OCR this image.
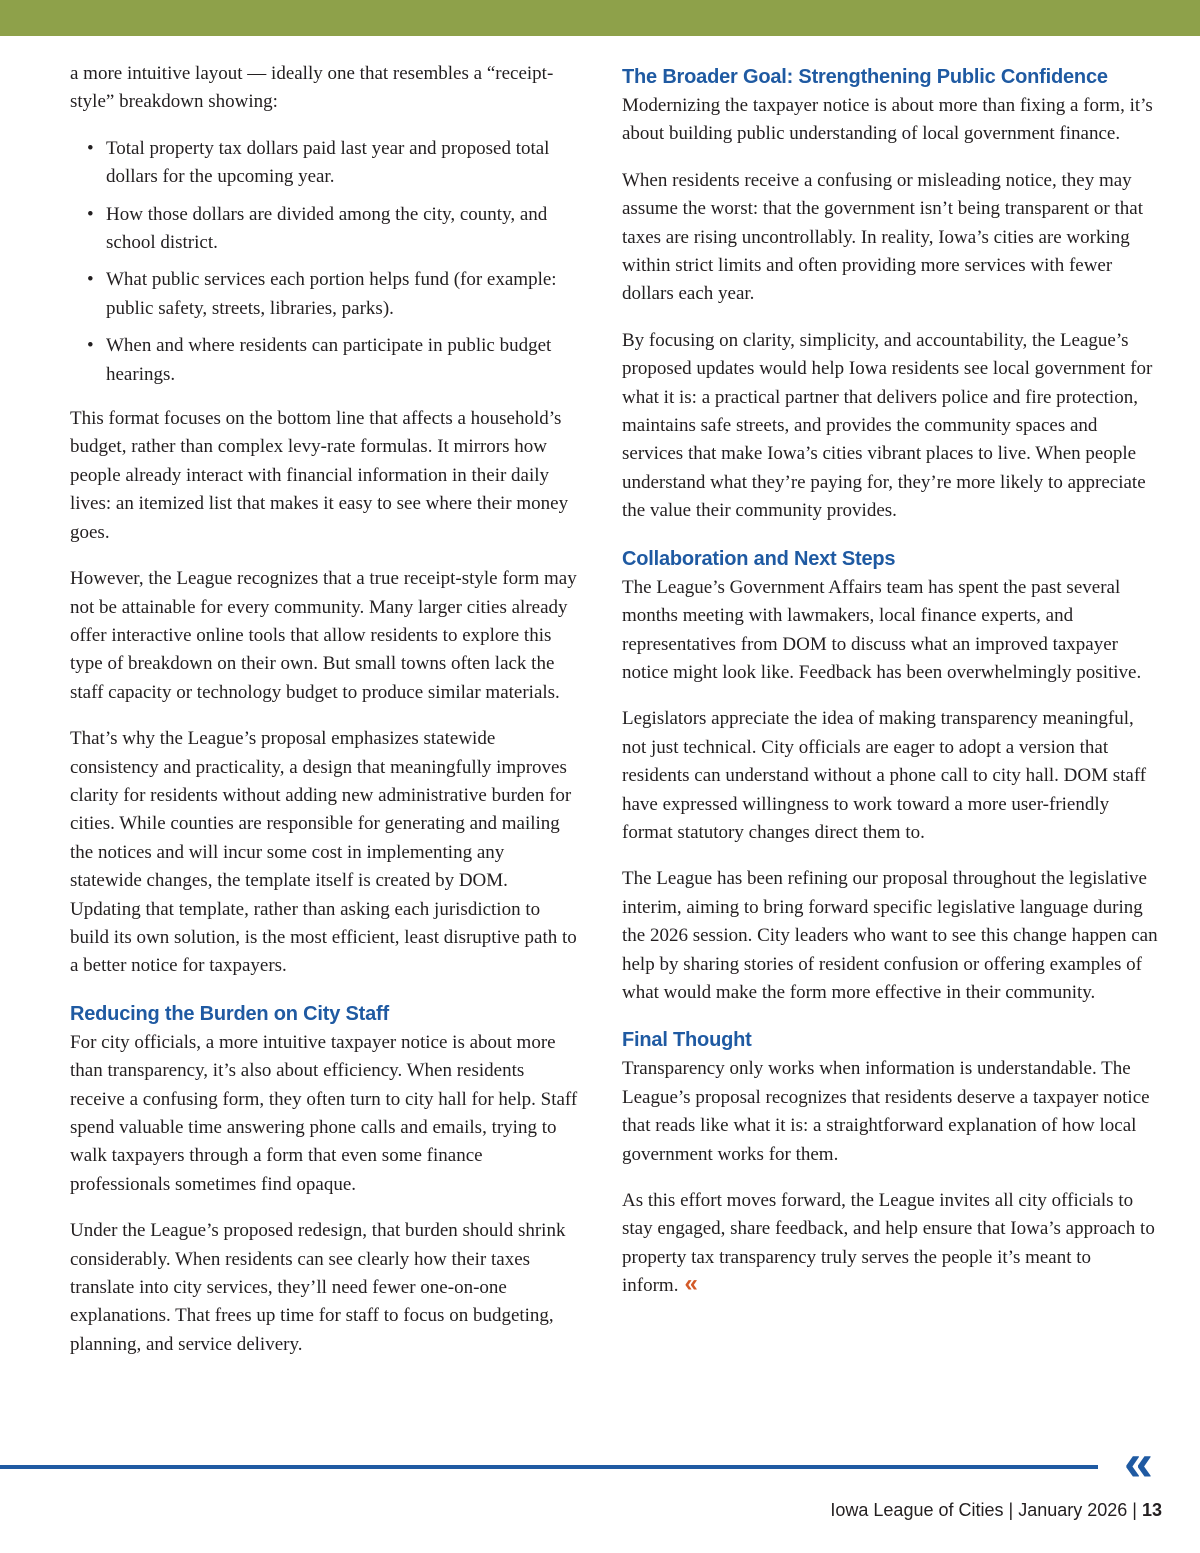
a more intuitive layout — ideally one that resembles a “receipt-style” breakdown showing:

• Total property tax dollars paid last year and proposed total dollars for the upcoming year.
• How those dollars are divided among the city, county, and school district.
• What public services each portion helps fund (for example: public safety, streets, libraries, parks).
• When and where residents can participate in public budget hearings.

This format focuses on the bottom line that affects a household’s budget, rather than complex levy-rate formulas. It mirrors how people already interact with financial information in their daily lives: an itemized list that makes it easy to see where their money goes.

However, the League recognizes that a true receipt-style form may not be attainable for every community. Many larger cities already offer interactive online tools that allow residents to explore this type of breakdown on their own. But small towns often lack the staff capacity or technology budget to produce similar materials.

That’s why the League’s proposal emphasizes statewide consistency and practicality, a design that meaningfully improves clarity for residents without adding new administrative burden for cities. While counties are responsible for generating and mailing the notices and will incur some cost in implementing any statewide changes, the template itself is created by DOM. Updating that template, rather than asking each jurisdiction to build its own solution, is the most efficient, least disruptive path to a better notice for taxpayers.

Reducing the Burden on City Staff

For city officials, a more intuitive taxpayer notice is about more than transparency, it’s also about efficiency. When residents receive a confusing form, they often turn to city hall for help. Staff spend valuable time answering phone calls and emails, trying to walk taxpayers through a form that even some finance professionals sometimes find opaque.

Under the League’s proposed redesign, that burden should shrink considerably. When residents can see clearly how their taxes translate into city services, they’ll need fewer one-on-one explanations. That frees up time for staff to focus on budgeting, planning, and service delivery.

The Broader Goal: Strengthening Public Confidence

Modernizing the taxpayer notice is about more than fixing a form, it’s about building public understanding of local government finance.

When residents receive a confusing or misleading notice, they may assume the worst: that the government isn’t being transparent or that taxes are rising uncontrollably. In reality, Iowa’s cities are working within strict limits and often providing more services with fewer dollars each year.

By focusing on clarity, simplicity, and accountability, the League’s proposed updates would help Iowa residents see local government for what it is: a practical partner that delivers police and fire protection, maintains safe streets, and provides the community spaces and services that make Iowa’s cities vibrant places to live. When people understand what they’re paying for, they’re more likely to appreciate the value their community provides.

Collaboration and Next Steps

The League’s Government Affairs team has spent the past several months meeting with lawmakers, local finance experts, and representatives from DOM to discuss what an improved taxpayer notice might look like. Feedback has been overwhelmingly positive.

Legislators appreciate the idea of making transparency meaningful, not just technical. City officials are eager to adopt a version that residents can understand without a phone call to city hall. DOM staff have expressed willingness to work toward a more user-friendly format statutory changes direct them to.

The League has been refining our proposal throughout the legislative interim, aiming to bring forward specific legislative language during the 2026 session. City leaders who want to see this change happen can help by sharing stories of resident confusion or offering examples of what would make the form more effective in their community.

Final Thought

Transparency only works when information is understandable. The League’s proposal recognizes that residents deserve a taxpayer notice that reads like what it is: a straightforward explanation of how local government works for them.

As this effort moves forward, the League invites all city officials to stay engaged, share feedback, and help ensure that Iowa’s approach to property tax transparency truly serves the people it’s meant to inform. «

«
Iowa League of Cities | January 2026 | 13
